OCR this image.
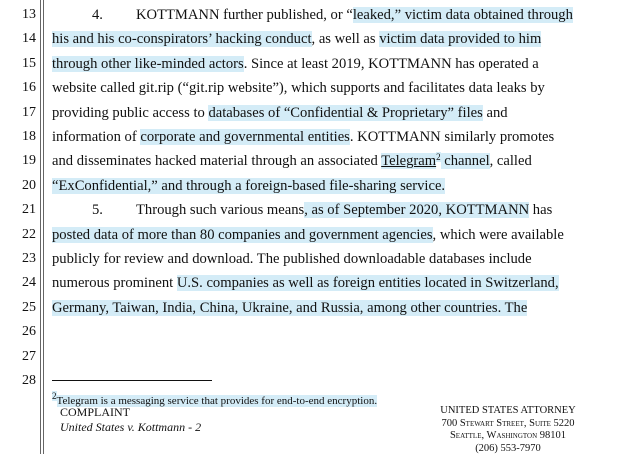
13
14
15
16
17
18
19
20
21
22
23
24
25
26
27
28
4. KOTTMANN further published, or “leaked,” victim data obtained through
his and his co-conspirators’ hacking conduct, as well as victim data provided to him
through other like-minded actors. Since at least 2019, KOTTMANN has operated a
website called git.rip (“git.rip website”), which supports and facilitates data leaks by
providing public access to databases of “Confidential & Proprietary” files and
information of corporate and governmental entities. KOTTMANN similarly promotes
and disseminates hacked material through an associated Telegram$^2$ channel, called
“ExConfidential,” and through a foreign-based file-sharing service.
5. Through such various means, as of September 2020, KOTTMANN has
posted data of more than 80 companies and government agencies, which were available
publicly for review and download. The published downloadable databases include
numerous prominent U.S. companies as well as foreign entities located in Switzerland,
Germany, Taiwan, India, China, Ukraine, and Russia, among other countries. The
$^2$Telegram is a messaging service that provides for end-to-end encryption.
COMPLAINT
United States v. Kottmann - 2
UNITED STATES ATTORNEY
700 Stewart Street, Suite 5220
Seattle, Washington 98101
(206) 553-7970
